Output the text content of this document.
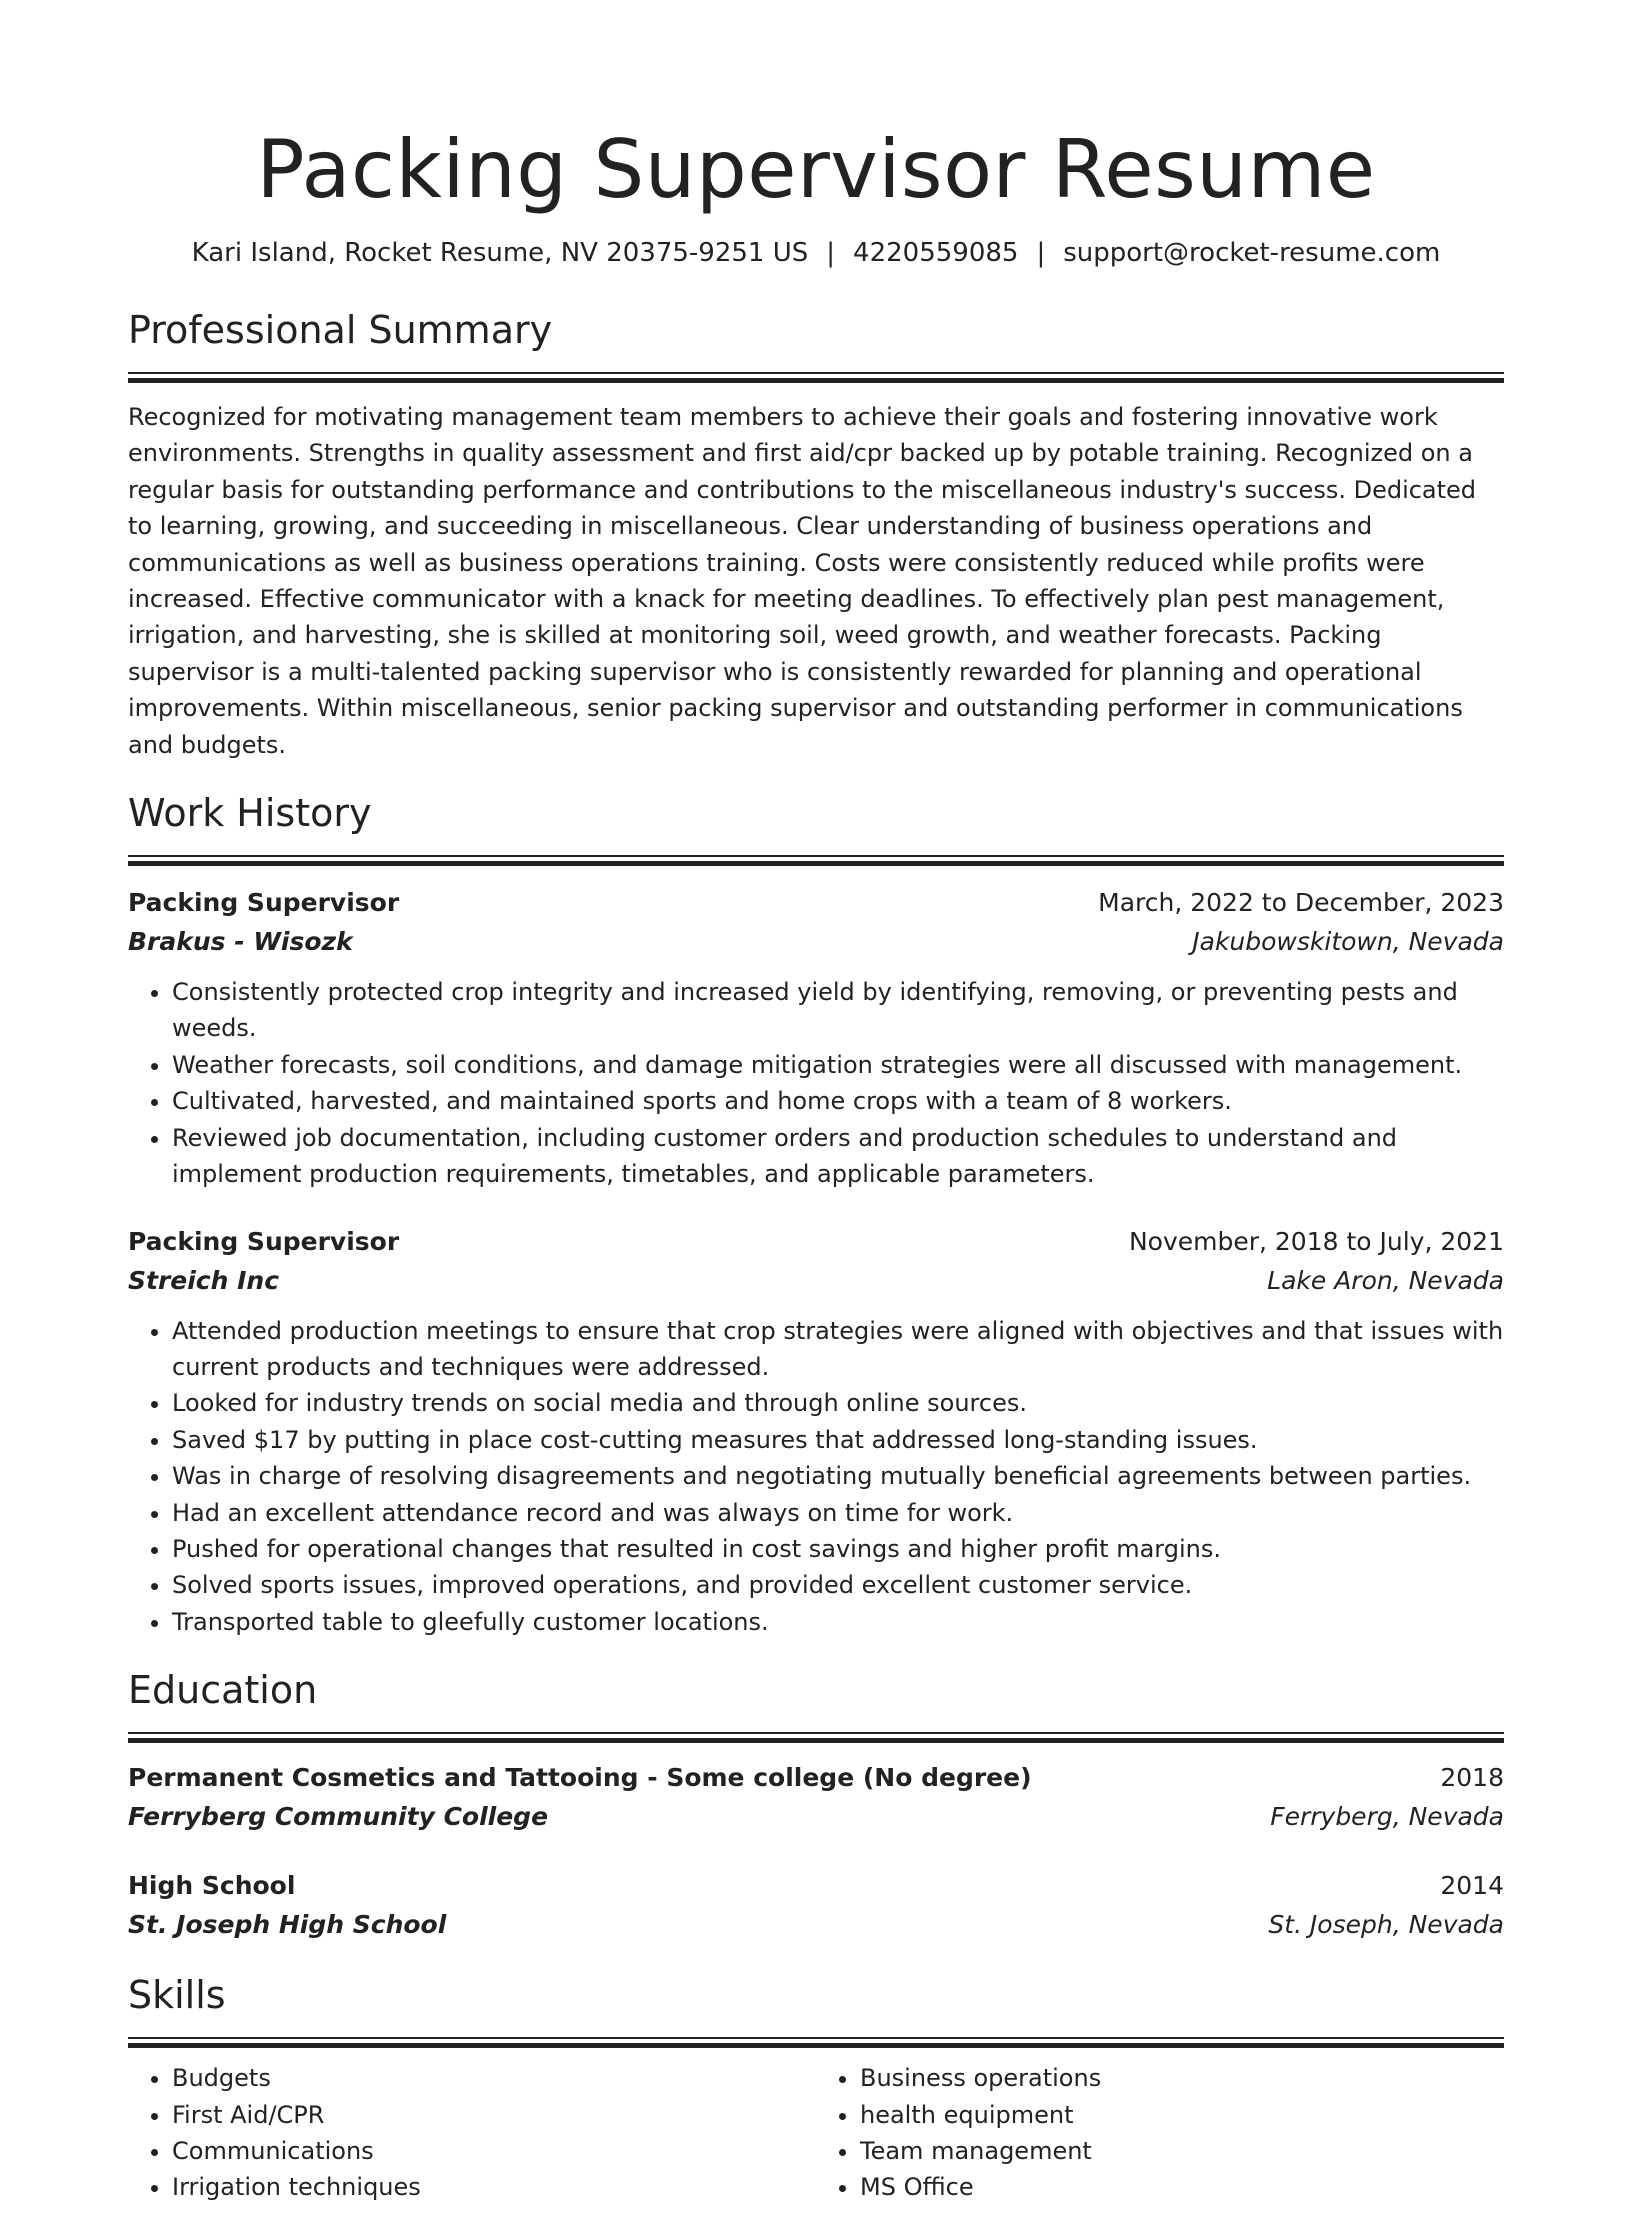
Packing Supervisor Resume
Kari Island, Rocket Resume, NV 20375-9251 US | 4220559085 | support@rocket-resume.com
Professional Summary

Recognized for motivating management team members to achieve their goals and fostering innovative work environments. Strengths in quality assessment and first aid/cpr backed up by potable training. Recognized on a regular basis for outstanding performance and contributions to the miscellaneous industry's success. Dedicated to learning, growing, and succeeding in miscellaneous. Clear understanding of business operations and communications as well as business operations training. Costs were consistently reduced while profits were increased. Effective communicator with a knack for meeting deadlines. To effectively plan pest management, irrigation, and harvesting, she is skilled at monitoring soil, weed growth, and weather forecasts. Packing supervisor is a multi-talented packing supervisor who is consistently rewarded for planning and operational improvements. Within miscellaneous, senior packing supervisor and outstanding performer in communications and budgets.

Work History
Packing Supervisor	March, 2022 to December, 2023
Brakus - Wisozk	Jakubowskitown, Nevada
• Consistently protected crop integrity and increased yield by identifying, removing, or preventing pests and weeds.
• Weather forecasts, soil conditions, and damage mitigation strategies were all discussed with management.
• Cultivated, harvested, and maintained sports and home crops with a team of 8 workers.
• Reviewed job documentation, including customer orders and production schedules to understand and implement production requirements, timetables, and applicable parameters.
Packing Supervisor	November, 2018 to July, 2021
Streich Inc	Lake Aron, Nevada
• Attended production meetings to ensure that crop strategies were aligned with objectives and that issues with current products and techniques were addressed.
• Looked for industry trends on social media and through online sources.
• Saved $17 by putting in place cost-cutting measures that addressed long-standing issues.
• Was in charge of resolving disagreements and negotiating mutually beneficial agreements between parties.
• Had an excellent attendance record and was always on time for work.
• Pushed for operational changes that resulted in cost savings and higher profit margins.
• Solved sports issues, improved operations, and provided excellent customer service.
• Transported table to gleefully customer locations.
Education
Permanent Cosmetics and Tattooing - Some college (No degree)	2018
Ferryberg Community College	Ferryberg, Nevada
High School	2014
St. Joseph High School	St. Joseph, Nevada
Skills
• Budgets
• First Aid/CPR
• Communications
• Irrigation techniques
• Business operations
• health equipment
• Team management
• MS Office
